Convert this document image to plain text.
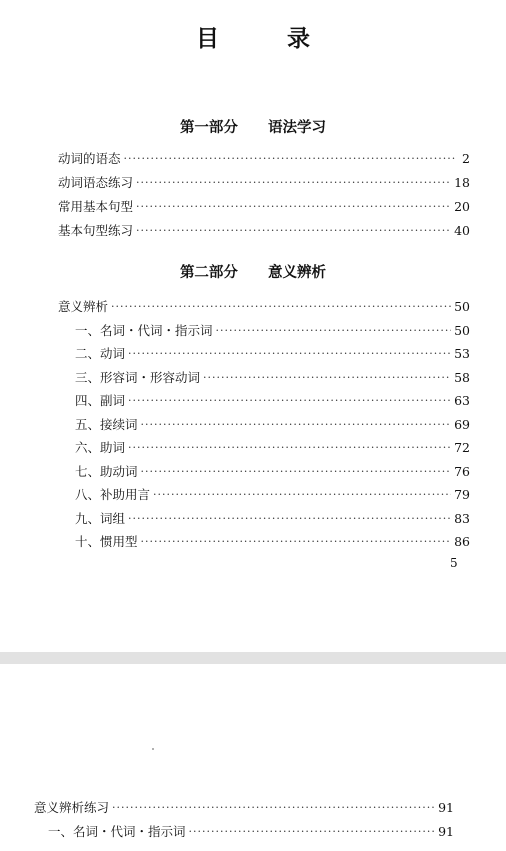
目 录
第一部分  语法学习
动词的语态 ·····	2
动词语态练习 ·····	18
常用基本句型 ·····	20
基本句型练习 ·····	40
第二部分  意义辨析
意义辨析 ·····	50
一、名词・代词・指示词 ·····	50
二、动词 ·····	53
三、形容词・形容动词 ·····	58
四、副词 ·····	63
五、接续词 ·····	69
六、助词 ·····	72
七、助动词 ·····	76
八、补助用言 ·····	79
九、词组 ·····	83
十、惯用型 ·····	86
5
意义辨析练习 ·····	91
一、名词・代词・指示词 ·····	91
